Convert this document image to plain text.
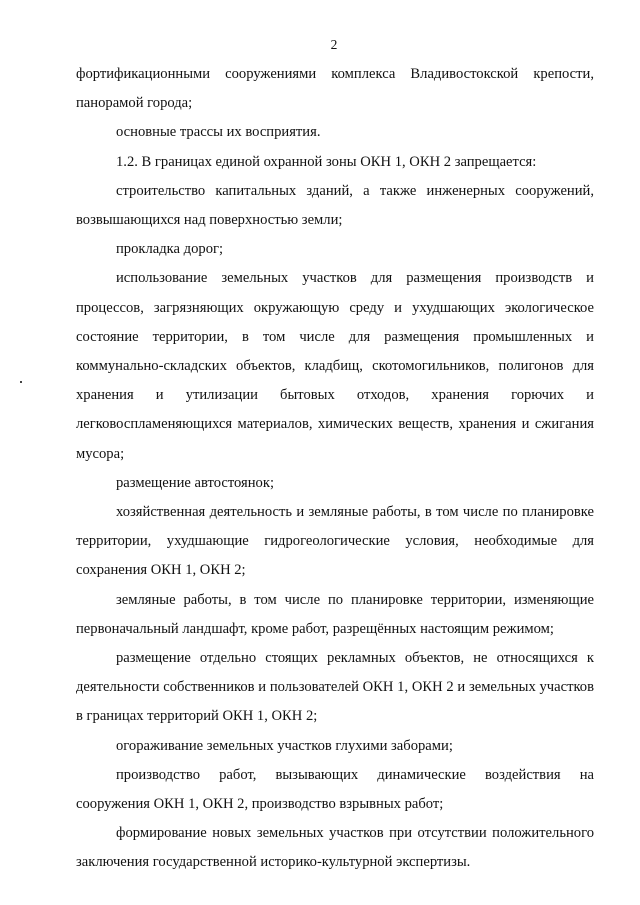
2

фортификационными сооружениями комплекса Владивостокской крепости, панорамой города;

основные трассы их восприятия.

1.2. В границах единой охранной зоны ОКН 1, ОКН 2 запрещается:

строительство капитальных зданий, а также инженерных сооружений, возвышающихся над поверхностью земли;

прокладка дорог;

использование земельных участков для размещения производств и процессов, загрязняющих окружающую среду и ухудшающих экологическое состояние территории, в том числе для размещения промышленных и коммунально-складских объектов, кладбищ, скотомогильников, полигонов для хранения и утилизации бытовых отходов, хранения горючих и легковоспламеняющихся материалов, химических веществ, хранения и сжигания мусора;

размещение автостоянок;

хозяйственная деятельность и земляные работы, в том числе по планировке территории, ухудшающие гидрогеологические условия, необходимые для сохранения ОКН 1, ОКН 2;

земляные работы, в том числе по планировке территории, изменяющие первоначальный ландшафт, кроме работ, разрещённых настоящим режимом;

размещение отдельно стоящих рекламных объектов, не относящихся к деятельности собственников и пользователей ОКН 1, ОКН 2 и земельных участков в границах территорий ОКН 1, ОКН 2;

огораживание земельных участков глухими заборами;

производство работ, вызывающих динамические воздействия на сооружения ОКН 1, ОКН 2, производство взрывных работ;

формирование новых земельных участков при отсутствии положительного заключения государственной историко-культурной экспертизы.
